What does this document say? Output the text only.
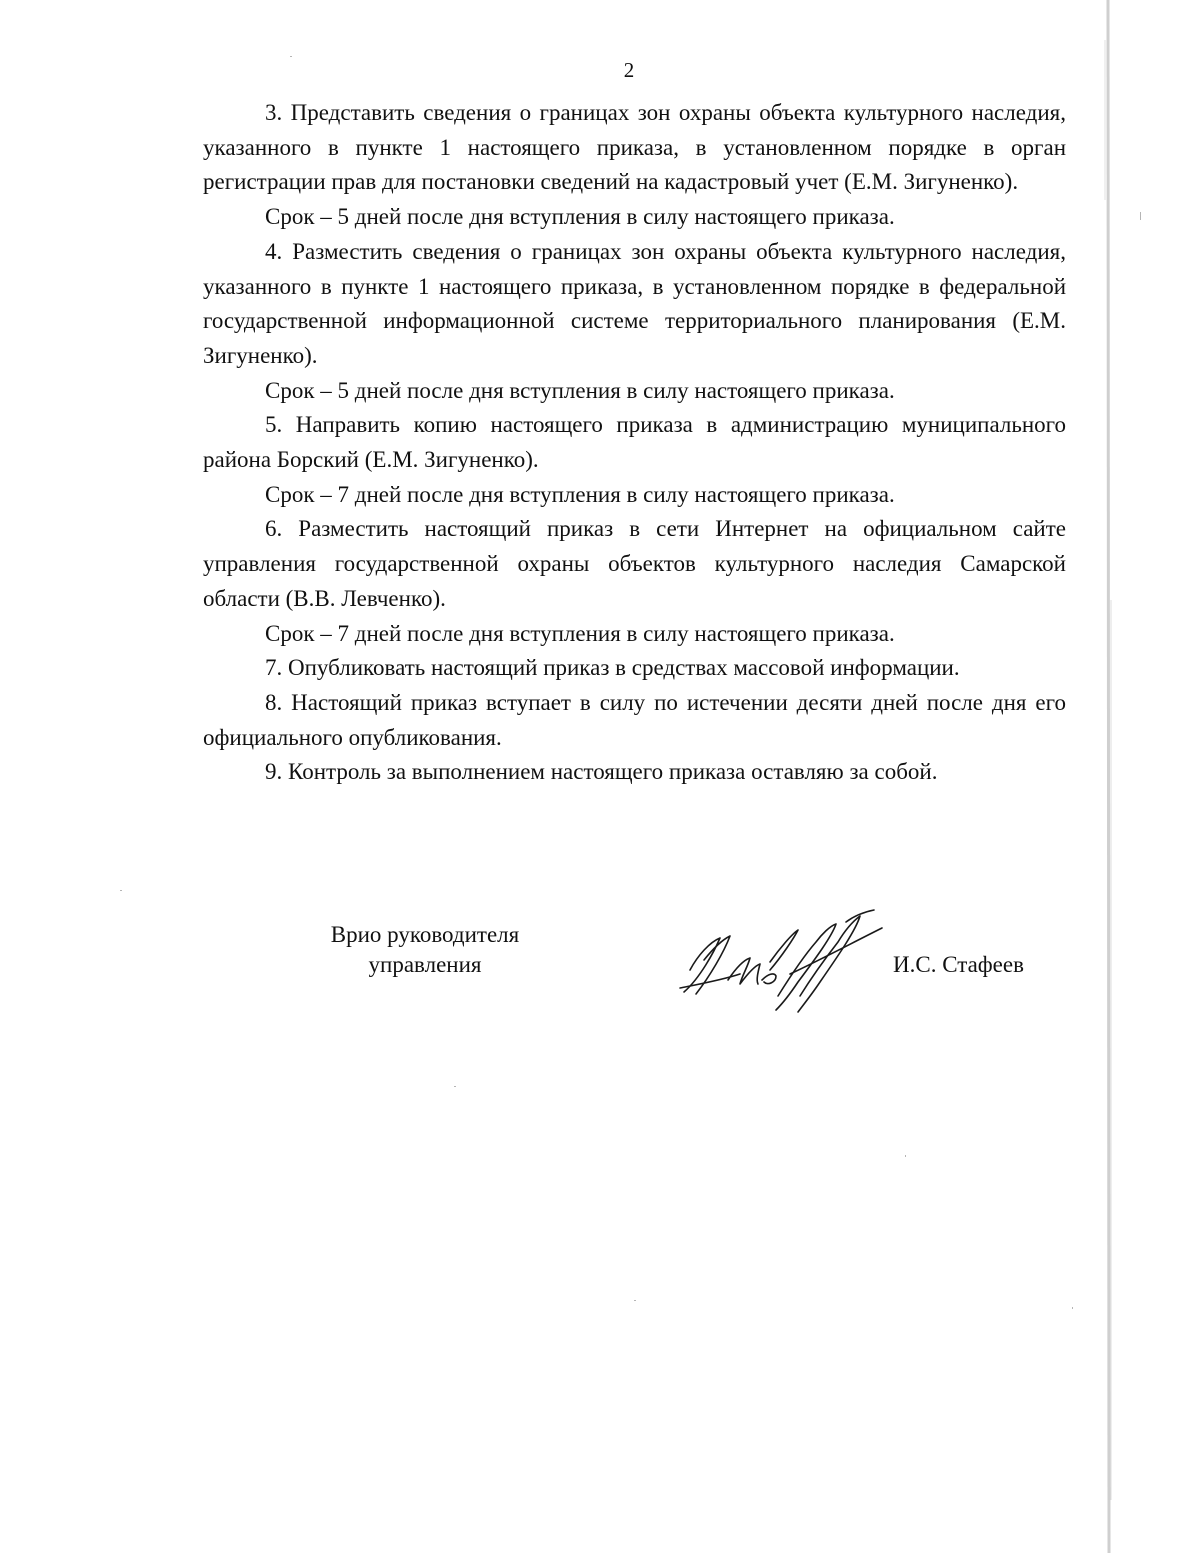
2

3. Представить сведения о границах зон охраны объекта культурного наследия, указанного в пункте 1 настоящего приказа, в установленном порядке в орган регистрации прав для постановки сведений на кадастровый учет (Е.М. Зигуненко).

Срок – 5 дней после дня вступления в силу настоящего приказа.

4. Разместить сведения о границах зон охраны объекта культурного наследия, указанного в пункте 1 настоящего приказа, в установленном порядке в федеральной государственной информационной системе территориального планирования (Е.М. Зигуненко).

Срок – 5 дней после дня вступления в силу настоящего приказа.

5. Направить копию настоящего приказа в администрацию муниципального района Борский (Е.М. Зигуненко).

Срок – 7 дней после дня вступления в силу настоящего приказа.

6. Разместить настоящий приказ в сети Интернет на официальном сайте управления государственной охраны объектов культурного наследия Самарской области (В.В. Левченко).

Срок – 7 дней после дня вступления в силу настоящего приказа.

7. Опубликовать настоящий приказ в средствах массовой информации.

8. Настоящий приказ вступает в силу по истечении десяти дней после дня его официального опубликования.

9. Контроль за выполнением настоящего приказа оставляю за собой.

Врио руководителя
управления	И.С. Стафеев
